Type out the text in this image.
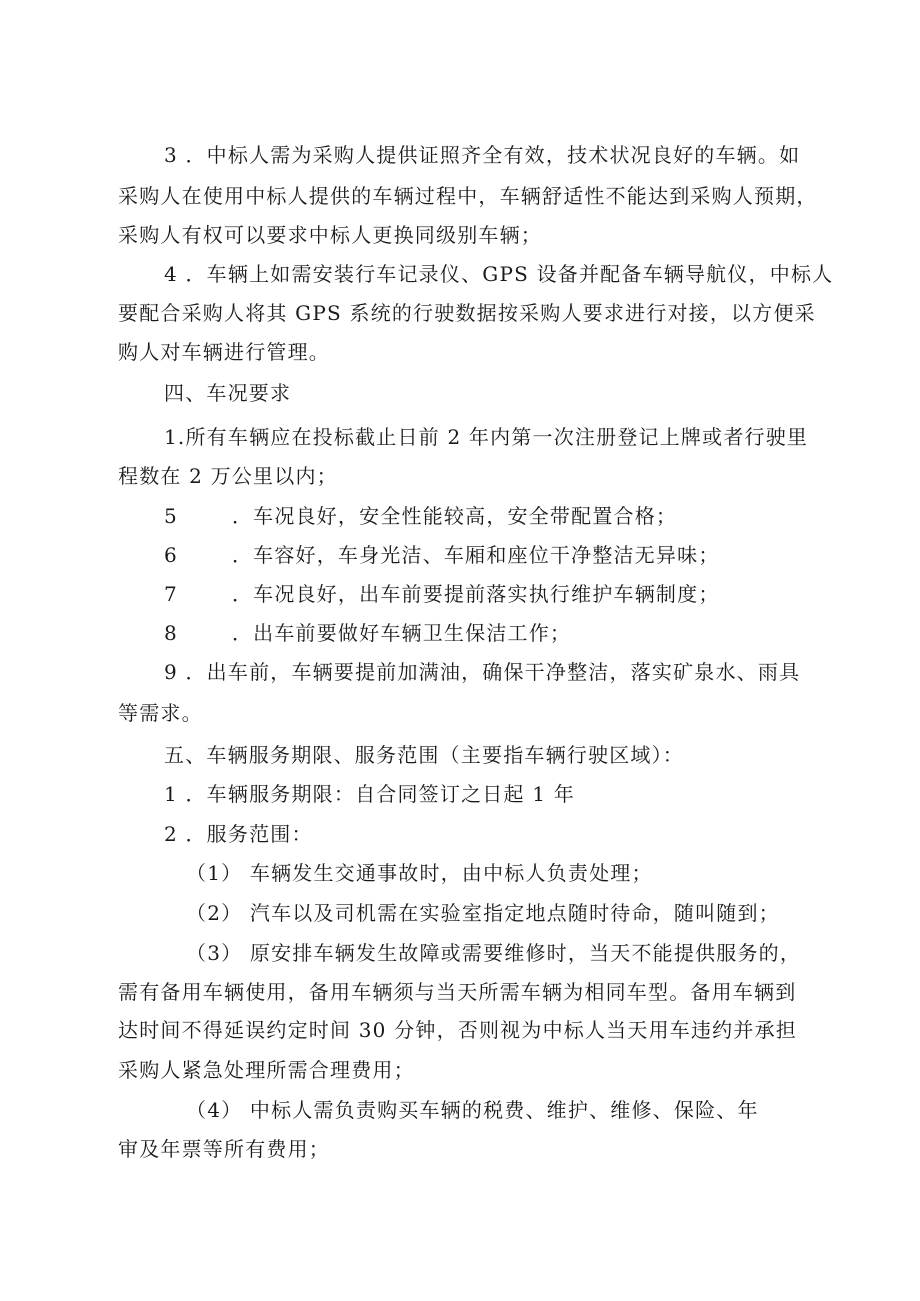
3 ．中标人需为采购人提供证照齐全有效，技术状况良好的车辆。如
采购人在使用中标人提供的车辆过程中，车辆舒适性不能达到采购人预期，
采购人有权可以要求中标人更换同级别车辆；
4 ．车辆上如需安装行车记录仪、GPS 设备并配备车辆导航仪，中标人
要配合采购人将其 GPS 系统的行驶数据按采购人要求进行对接，以方便采
购人对车辆进行管理。
四、车况要求
1.所有车辆应在投标截止日前 2 年内第一次注册登记上牌或者行驶里
程数在 2 万公里以内；
5	．车况良好，安全性能较高，安全带配置合格；
6	．车容好，车身光洁、车厢和座位干净整洁无异味；
7	．车况良好，出车前要提前落实执行维护车辆制度；
8	．出车前要做好车辆卫生保洁工作；
9 ．出车前，车辆要提前加满油，确保干净整洁，落实矿泉水、雨具
等需求。
五、车辆服务期限、服务范围（主要指车辆行驶区域）：
1 ．车辆服务期限：自合同签订之日起 1 年
2 ．服务范围：
（1） 车辆发生交通事故时，由中标人负责处理；
（2） 汽车以及司机需在实验室指定地点随时待命，随叫随到；
（3） 原安排车辆发生故障或需要维修时，当天不能提供服务的，
需有备用车辆使用，备用车辆须与当天所需车辆为相同车型。备用车辆到
达时间不得延误约定时间 30 分钟，否则视为中标人当天用车违约并承担
采购人紧急处理所需合理费用；
（4） 中标人需负责购买车辆的税费、维护、维修、保险、年
审及年票等所有费用；
